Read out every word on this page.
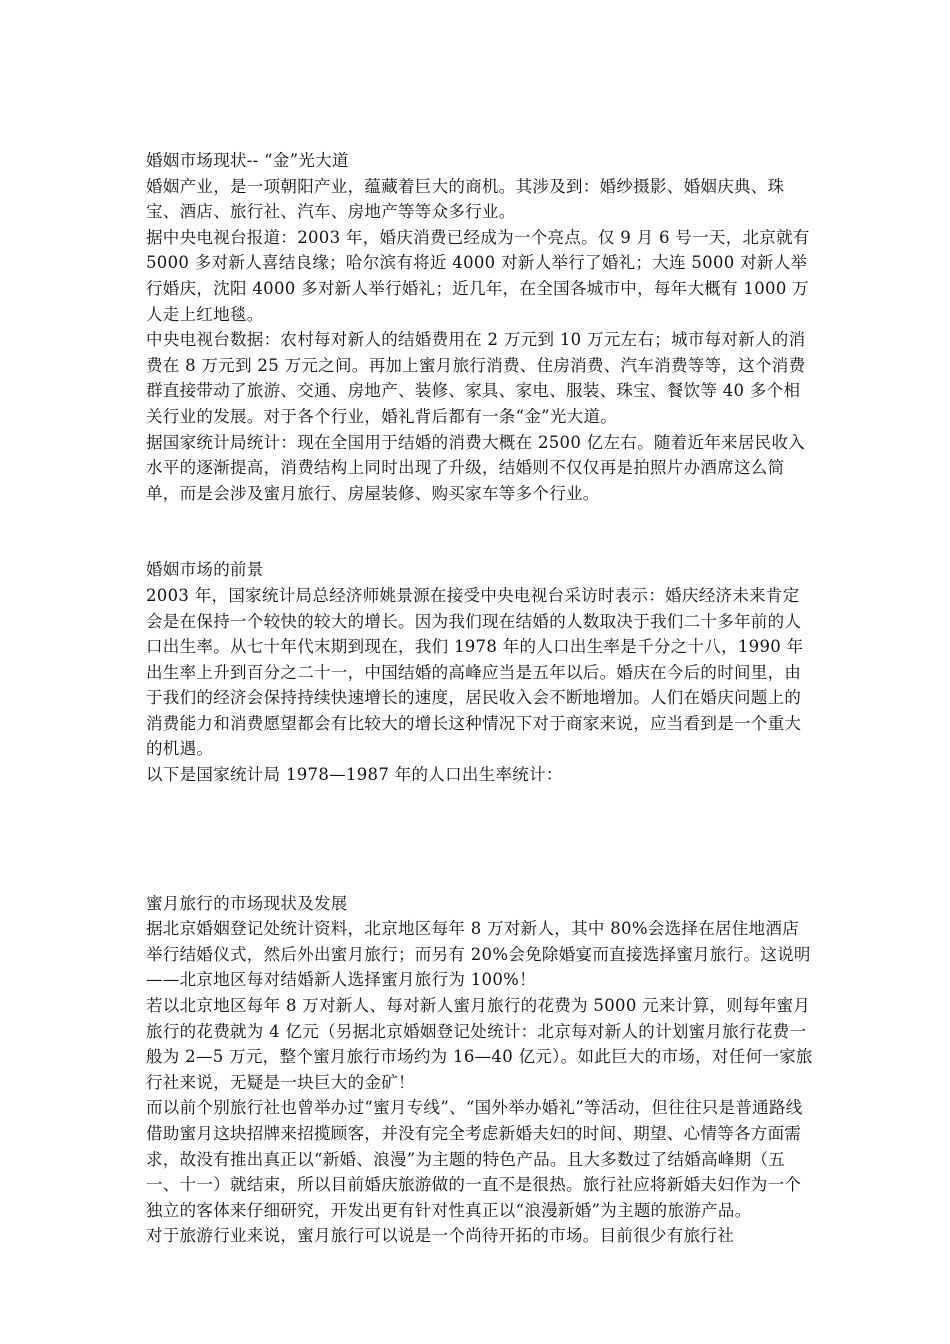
婚姻市场现状-- “金”光大道

婚姻产业，是一项朝阳产业，蕴藏着巨大的商机。其涉及到：婚纱摄影、婚姻庆典、珠宝、酒店、旅行社、汽车、房地产等等众多行业。

据中央电视台报道：2003 年，婚庆消费已经成为一个亮点。仅 9 月 6 号一天，北京就有 5000 多对新人喜结良缘；哈尔滨有将近 4000 对新人举行了婚礼；大连 5000 对新人举行婚庆，沈阳 4000 多对新人举行婚礼；近几年，在全国各城市中，每年大概有 1000 万人走上红地毯。

中央电视台数据：农村每对新人的结婚费用在 2 万元到 10 万元左右；城市每对新人的消费在 8 万元到 25 万元之间。再加上蜜月旅行消费、住房消费、汽车消费等等，这个消费群直接带动了旅游、交通、房地产、装修、家具、家电、服装、珠宝、餐饮等 40 多个相关行业的发展。对于各个行业，婚礼背后都有一条“金”光大道。

据国家统计局统计：现在全国用于结婚的消费大概在 2500 亿左右。随着近年来居民收入水平的逐渐提高，消费结构上同时出现了升级，结婚则不仅仅再是拍照片办酒席这么简单，而是会涉及蜜月旅行、房屋装修、购买家车等多个行业。

婚姻市场的前景

2003 年，国家统计局总经济师姚景源在接受中央电视台采访时表示：婚庆经济未来肯定会是在保持一个较快的较大的增长。因为我们现在结婚的人数取决于我们二十多年前的人口出生率。从七十年代末期到现在，我们 1978 年的人口出生率是千分之十八，1990 年出生率上升到百分之二十一，中国结婚的高峰应当是五年以后。婚庆在今后的时间里，由于我们的经济会保持持续快速增长的速度，居民收入会不断地增加。人们在婚庆问题上的消费能力和消费愿望都会有比较大的增长这种情况下对于商家来说，应当看到是一个重大的机遇。

以下是国家统计局 1978—1987 年的人口出生率统计：

蜜月旅行的市场现状及发展

据北京婚姻登记处统计资料，北京地区每年 8 万对新人，其中 80%会选择在居住地酒店举行结婚仪式，然后外出蜜月旅行；而另有 20%会免除婚宴而直接选择蜜月旅行。这说明——北京地区每对结婚新人选择蜜月旅行为 100%！

若以北京地区每年 8 万对新人、每对新人蜜月旅行的花费为 5000 元来计算，则每年蜜月旅行的花费就为 4 亿元（另据北京婚姻登记处统计：北京每对新人的计划蜜月旅行花费一般为 2—5 万元，整个蜜月旅行市场约为 16—40 亿元）。如此巨大的市场，对任何一家旅行社来说，无疑是一块巨大的金矿！

而以前个别旅行社也曾举办过“蜜月专线”、“国外举办婚礼”等活动，但往往只是普通路线借助蜜月这块招牌来招揽顾客，并没有完全考虑新婚夫妇的时间、期望、心情等各方面需求，故没有推出真正以“新婚、浪漫”为主题的特色产品。且大多数过了结婚高峰期（五一、十一）就结束，所以目前婚庆旅游做的一直不是很热。旅行社应将新婚夫妇作为一个独立的客体来仔细研究，开发出更有针对性真正以“浪漫新婚”为主题的旅游产品。

对于旅游行业来说，蜜月旅行可以说是一个尚待开拓的市场。目前很少有旅行社
